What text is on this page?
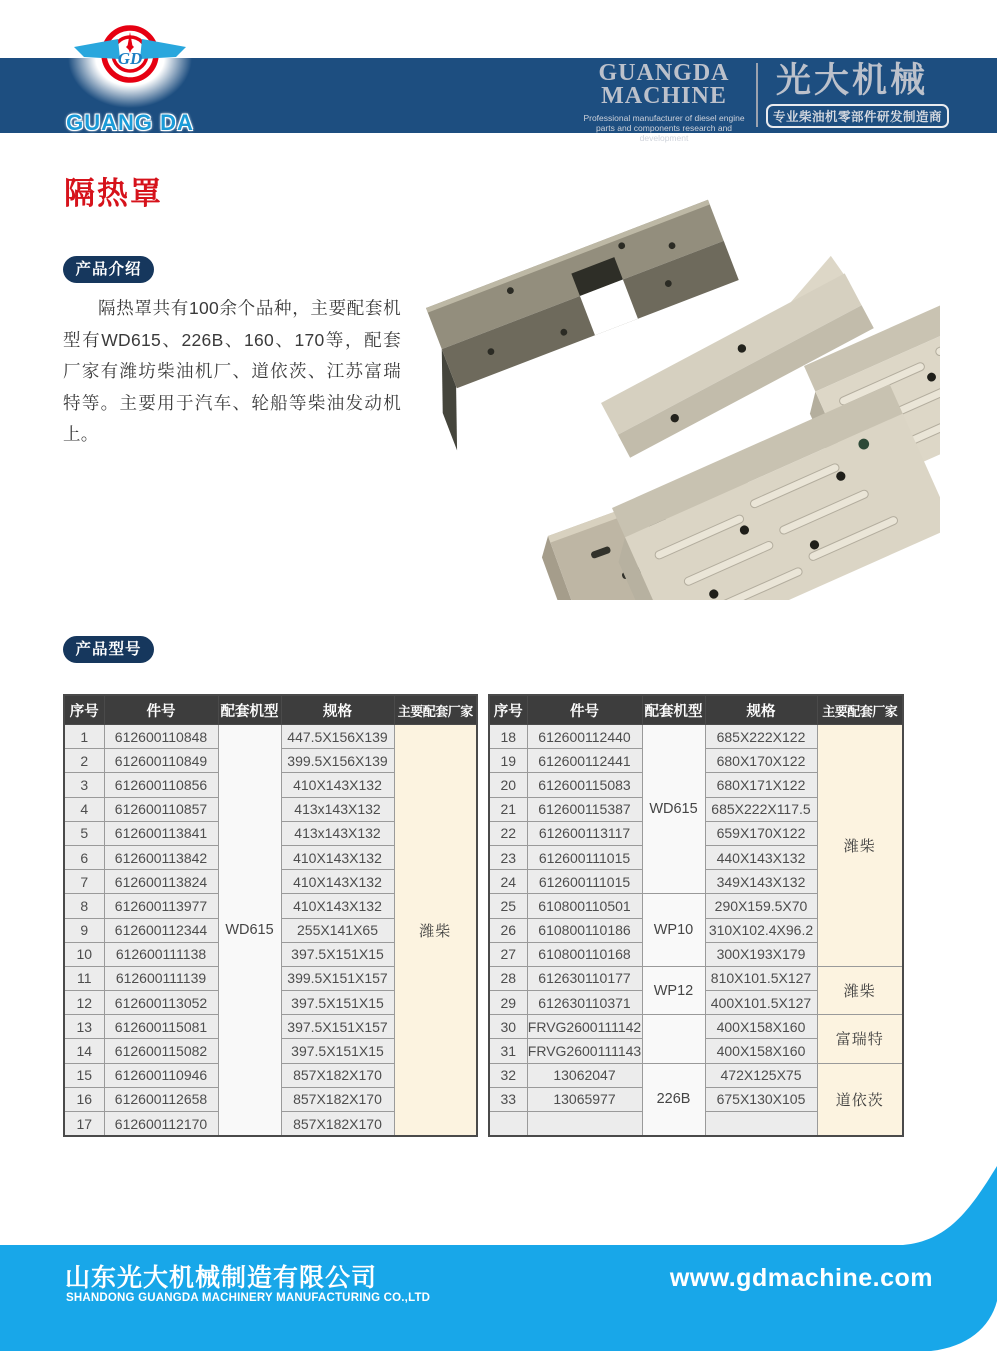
GD
GUANG DA
GUANGDA
MACHINE
Professional manufacturer of diesel engine parts and components research and development
光大机械
专业柴油机零部件研发制造商
隔热罩
产品介绍
隔热罩共有100余个品种，主要配套机型有WD615、226B、160、170等，配套厂家有潍坊柴油机厂、道依茨、江苏富瑞特等。主要用于汽车、轮船等柴油发动机上。
产品型号
序号	件号	配套机型	规格	主要配套厂家
1	612600110848	WD615	447.5X156X139	潍柴
2	612600110849		399.5X156X139	
3	612600110856		410X143X132	
4	612600110857		413x143X132	
5	612600113841		413x143X132	
6	612600113842		410X143X132	
7	612600113824		410X143X132	
8	612600113977		410X143X132	
9	612600112344		255X141X65	
10	612600111138		397.5X151X15	
11	612600111139		399.5X151X157	
12	612600113052		397.5X151X15	
13	612600115081		397.5X151X157	
14	612600115082		397.5X151X15	
15	612600110946		857X182X170	
16	612600112658		857X182X170	
17	612600112170		857X182X170	
序号	件号	配套机型	规格	主要配套厂家
18	612600112440	WD615	685X222X122	潍柴
19	612600112441		680X170X122	
20	612600115083		680X171X122	
21	612600115387		685X222X117.5	
22	612600113117		659X170X122	
23	612600111015		440X143X132	
24	612600111015		349X143X132	
25	610800110501	WP10	290X159.5X70	
26	610800110186		310X102.4X96.2	
27	610800110168		300X193X179	
28	612630110177	WP12	810X101.5X127	潍柴
29	612630110371		400X101.5X127	
30	FRVG2600111142		400X158X160	富瑞特
31	FRVG2600111143		400X158X160	
32	13062047	226B	472X125X75	道依茨
33	13065977		675X130X105	

山东光大机械制造有限公司
SHANDONG GUANGDA MACHINERY MANUFACTURING CO.,LTD
www.gdmachine.com
